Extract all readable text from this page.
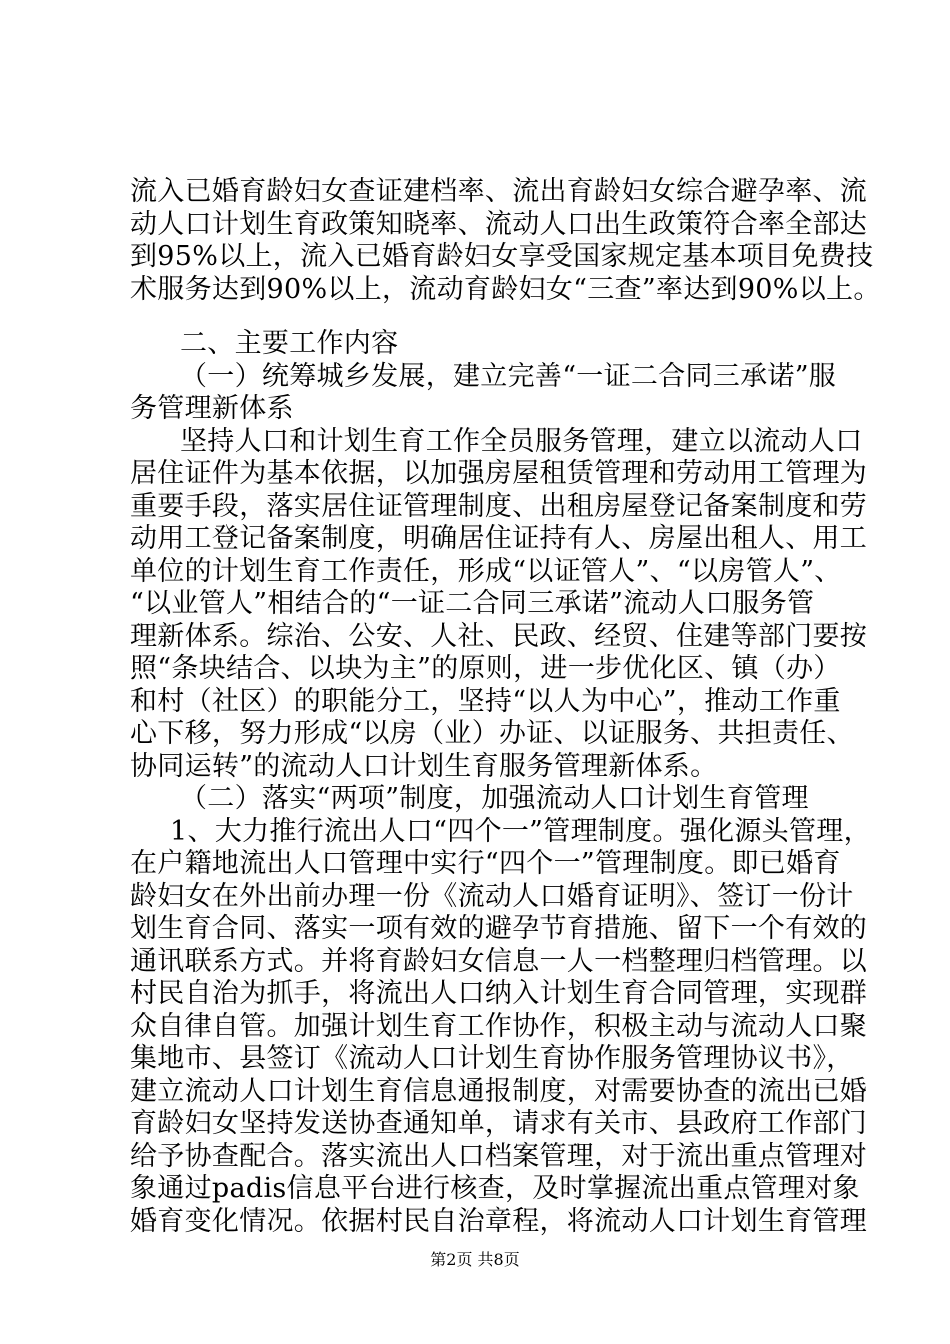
流入已婚育龄妇女查证建档率、流出育龄妇女综合避孕率、流
动人口计划生育政策知晓率、流动人口出生政策符合率全部达
到95%以上，流入已婚育龄妇女享受国家规定基本项目免费技
术服务达到90%以上，流动育龄妇女“三查”率达到90%以上。
二、主要工作内容
（一）统筹城乡发展，建立完善“一证二合同三承诺”服
务管理新体系
坚持人口和计划生育工作全员服务管理，建立以流动人口
居住证件为基本依据，以加强房屋租赁管理和劳动用工管理为
重要手段，落实居住证管理制度、出租房屋登记备案制度和劳
动用工登记备案制度，明确居住证持有人、房屋出租人、用工
单位的计划生育工作责任，形成“以证管人”、“以房管人”、
“以业管人”相结合的“一证二合同三承诺”流动人口服务管
理新体系。综治、公安、人社、民政、经贸、住建等部门要按
照“条块结合、以块为主”的原则，进一步优化区、镇（办）
和村（社区）的职能分工，坚持“以人为中心”，推动工作重
心下移，努力形成“以房（业）办证、以证服务、共担责任、
协同运转”的流动人口计划生育服务管理新体系。
（二）落实“两项”制度，加强流动人口计划生育管理
1、大力推行流出人口“四个一”管理制度。强化源头管理，
在户籍地流出人口管理中实行“四个一”管理制度。即已婚育
龄妇女在外出前办理一份《流动人口婚育证明》、签订一份计
划生育合同、落实一项有效的避孕节育措施、留下一个有效的
通讯联系方式。并将育龄妇女信息一人一档整理归档管理。以
村民自治为抓手，将流出人口纳入计划生育合同管理，实现群
众自律自管。加强计划生育工作协作，积极主动与流动人口聚
集地市、县签订《流动人口计划生育协作服务管理协议书》，
建立流动人口计划生育信息通报制度，对需要协查的流出已婚
育龄妇女坚持发送协查通知单，请求有关市、县政府工作部门
给予协查配合。落实流出人口档案管理，对于流出重点管理对
象通过padis信息平台进行核查，及时掌握流出重点管理对象
婚育变化情况。依据村民自治章程，将流动人口计划生育管理
第2页 共8页
